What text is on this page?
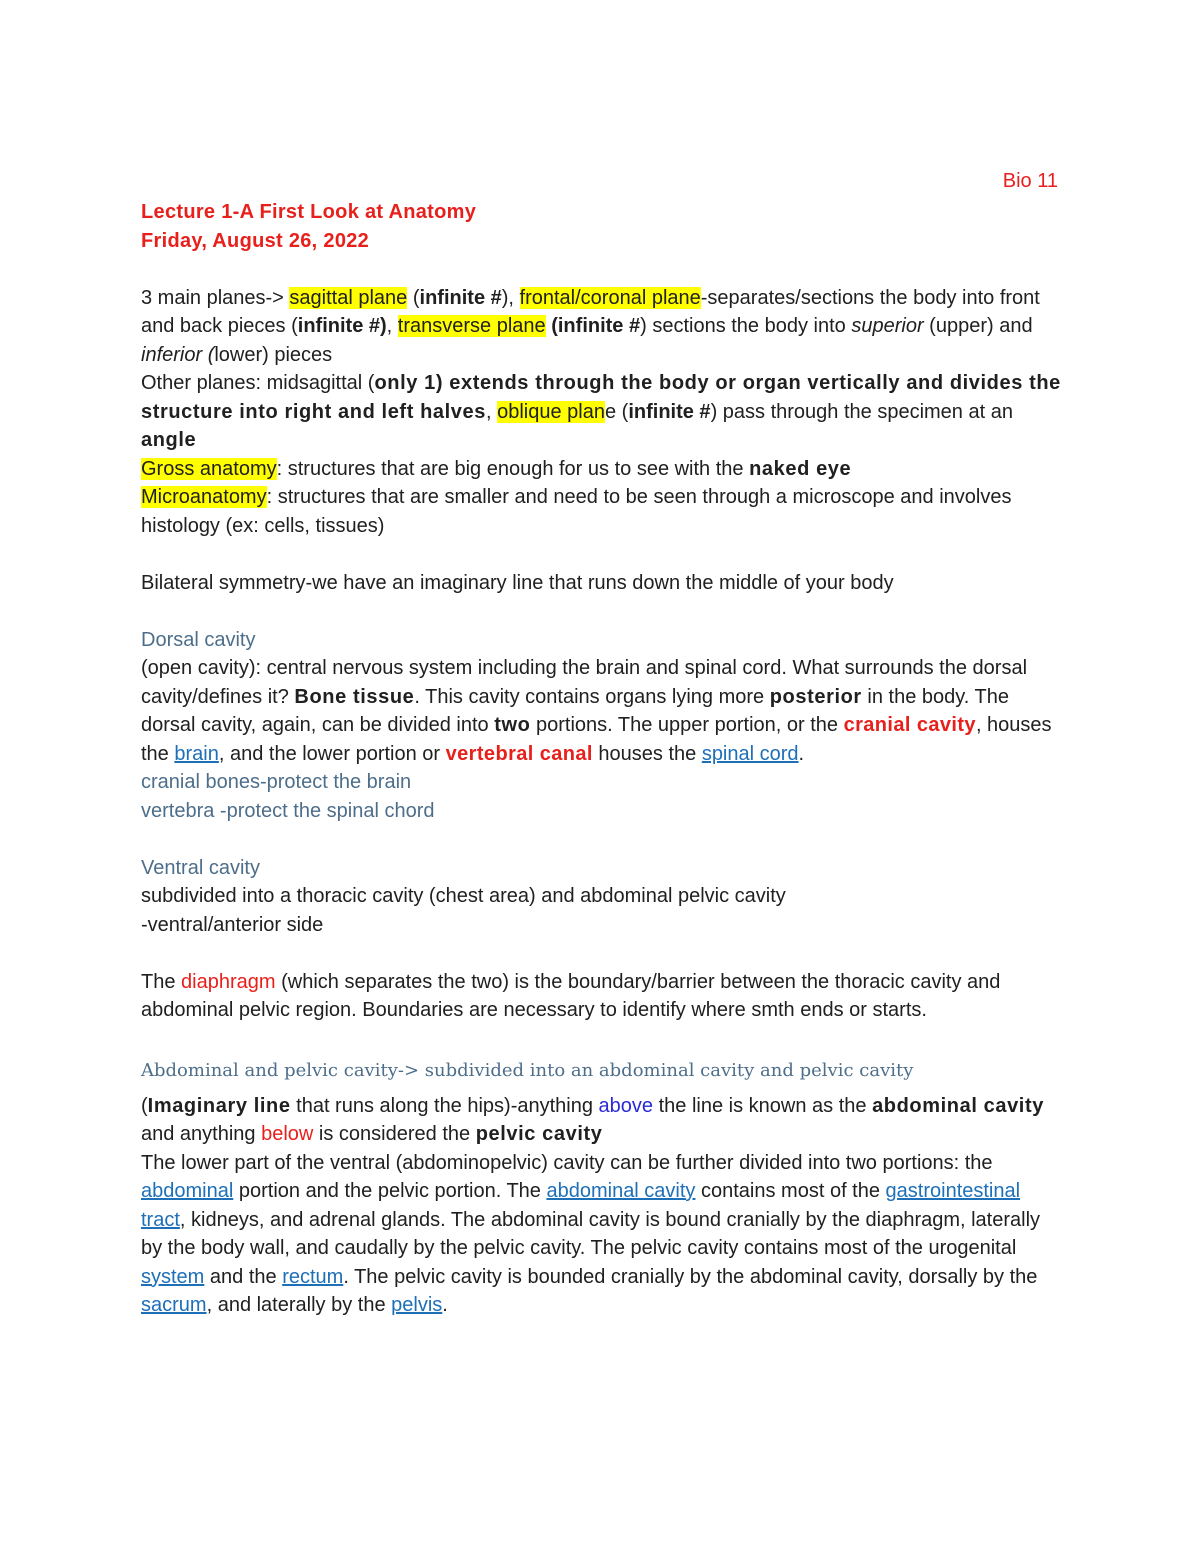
Bio 11

Lecture 1-A First Look at Anatomy

Friday, August 26, 2022

3 main planes-> sagittal plane (infinite #), frontal/coronal plane-separates/sections the body into front and back pieces (infinite #), transverse plane (infinite #) sections the body into superior (upper) and inferior (lower) pieces

Other planes: midsagittal (only 1) extends through the body or organ vertically and divides the structure into right and left halves, oblique plane (infinite #) pass through the specimen at an angle

Gross anatomy: structures that are big enough for us to see with the naked eye

Microanatomy: structures that are smaller and need to be seen through a microscope and involves histology (ex: cells, tissues)

Bilateral symmetry-we have an imaginary line that runs down the middle of your body

Dorsal cavity

(open cavity): central nervous system including the brain and spinal cord. What surrounds the dorsal cavity/defines it? Bone tissue. This cavity contains organs lying more posterior in the body. The dorsal cavity, again, can be divided into two portions. The upper portion, or the cranial cavity, houses the brain, and the lower portion or vertebral canal houses the spinal cord.

cranial bones-protect the brain

vertebra -protect the spinal chord

Ventral cavity

subdivided into a thoracic cavity (chest area) and abdominal pelvic cavity

-ventral/anterior side

The diaphragm (which separates the two) is the boundary/barrier between the thoracic cavity and abdominal pelvic region. Boundaries are necessary to identify where smth ends or starts.

Abdominal and pelvic cavity-> subdivided into an abdominal cavity and pelvic cavity

(Imaginary line that runs along the hips)-anything above the line is known as the abdominal cavity and anything below is considered the pelvic cavity

The lower part of the ventral (abdominopelvic) cavity can be further divided into two portions: the abdominal portion and the pelvic portion. The abdominal cavity contains most of the gastrointestinal tract, kidneys, and adrenal glands. The abdominal cavity is bound cranially by the diaphragm, laterally by the body wall, and caudally by the pelvic cavity. The pelvic cavity contains most of the urogenital system and the rectum. The pelvic cavity is bounded cranially by the abdominal cavity, dorsally by the sacrum, and laterally by the pelvis.
